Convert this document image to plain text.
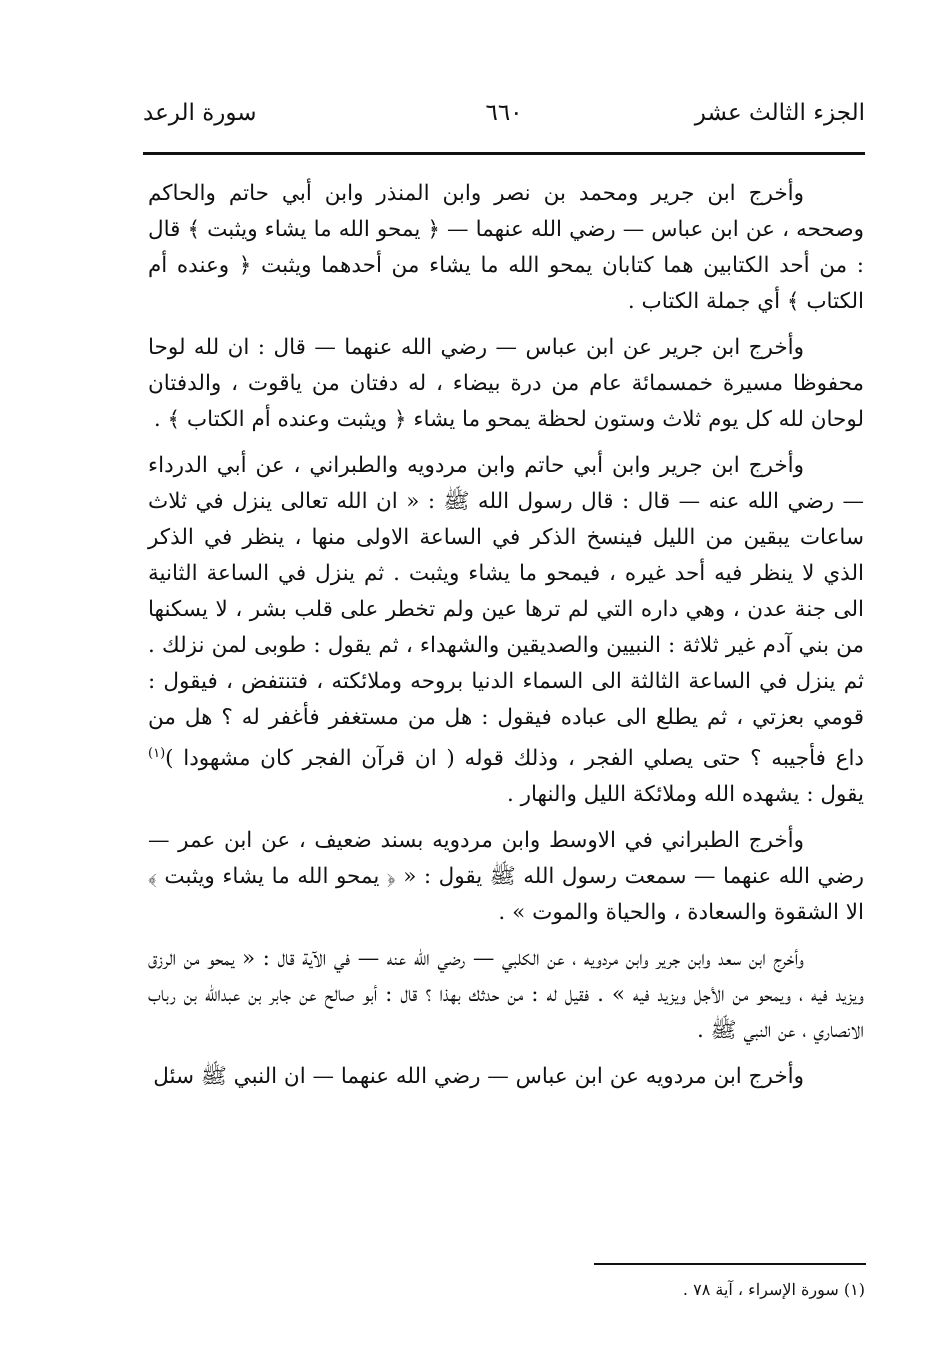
الجزء الثالث عشر
٦٦٠
سورة الرعد

وأخرج ابن جرير ومحمد بن نصر وابن المنذر وابن أبي حاتم والحاكم وصححه ، عن ابن عباس — رضي الله عنهما — ﴿ يمحو الله ما يشاء ويثبت ﴾ قال : من أحد الكتابين هما كتابان يمحو الله ما يشاء من أحدهما ويثبت ﴿ وعنده أم الكتاب ﴾ أي جملة الكتاب .

وأخرج ابن جرير عن ابن عباس — رضي الله عنهما — قال : ان لله لوحا محفوظا مسيرة خمسمائة عام من درة بيضاء ، له دفتان من ياقوت ، والدفتان لوحان لله كل يوم ثلاث وستون لحظة يمحو ما يشاء ﴿ ويثبت وعنده أم الكتاب ﴾ .

وأخرج ابن جرير وابن أبي حاتم وابن مردويه والطبراني ، عن أبي الدرداء — رضي الله عنه — قال : قال رسول الله ﷺ : « ان الله تعالى ينزل في ثلاث ساعات يبقين من الليل فينسخ الذكر في الساعة الاولى منها ، ينظر في الذكر الذي لا ينظر فيه أحد غيره ، فيمحو ما يشاء ويثبت . ثم ينزل في الساعة الثانية الى جنة عدن ، وهي داره التي لم ترها عين ولم تخطر على قلب بشر ، لا يسكنها من بني آدم غير ثلاثة : النبيين والصديقين والشهداء ، ثم يقول : طوبى لمن نزلك . ثم ينزل في الساعة الثالثة الى السماء الدنيا بروحه وملائكته ، فتنتفض ، فيقول : قومي بعزتي ، ثم يطلع الى عباده فيقول : هل من مستغفر فأغفر له ؟ هل من داع فأجيبه ؟ حتى يصلي الفجر ، وذلك قوله ( ان قرآن الفجر كان مشهودا )$^{(١)}$ يقول : يشهده الله وملائكة الليل والنهار .

وأخرج الطبراني في الاوسط وابن مردويه بسند ضعيف ، عن ابن عمر — رضي الله عنهما — سمعت رسول الله ﷺ يقول : « ﴿ يمحو الله ما يشاء ويثبت ﴾ الا الشقوة والسعادة ، والحياة والموت » .

وأخرج ابن سعد وابن جرير وابن مردويه ، عن الكلبي — رضي الله عنه — في الآية قال : « يمحو من الرزق ويزيد فيه ، ويمحو من الأجل ويزيد فيه » . فقيل له : من حدثك بهذا ؟ قال : أبو صالح عن جابر بن عبدالله بن رباب الانصاري ، عن النبي ﷺ .

وأخرج ابن مردويه عن ابن عباس — رضي الله عنهما — ان النبي ﷺ سئل

(١) سورة الإسراء ، آية ٧٨ .
